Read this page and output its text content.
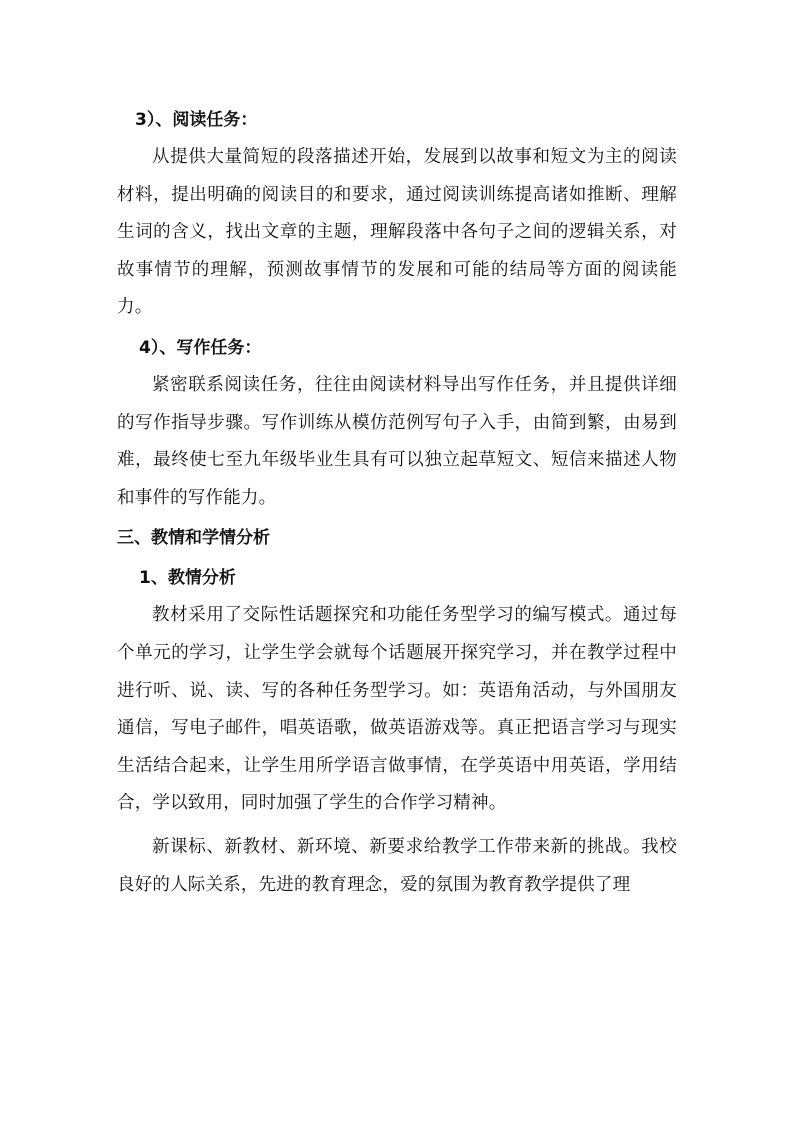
3）、阅读任务：

从提供大量简短的段落描述开始，发展到以故事和短文为主的阅读材料，提出明确的阅读目的和要求，通过阅读训练提高诸如推断、理解生词的含义，找出文章的主题，理解段落中各句子之间的逻辑关系，对故事情节的理解，预测故事情节的发展和可能的结局等方面的阅读能力。

4）、写作任务：

紧密联系阅读任务，往往由阅读材料导出写作任务，并且提供详细的写作指导步骤。写作训练从模仿范例写句子入手，由简到繁，由易到难，最终使七至九年级毕业生具有可以独立起草短文、短信来描述人物和事件的写作能力。

三、教情和学情分析
1、教情分析

教材采用了交际性话题探究和功能任务型学习的编写模式。通过每个单元的学习，让学生学会就每个话题展开探究学习，并在教学过程中进行听、说、读、写的各种任务型学习。如：英语角活动，与外国朋友通信，写电子邮件，唱英语歌，做英语游戏等。真正把语言学习与现实生活结合起来，让学生用所学语言做事情，在学英语中用英语，学用结合，学以致用，同时加强了学生的合作学习精神。

新课标、新教材、新环境、新要求给教学工作带来新的挑战。我校良好的人际关系，先进的教育理念，爱的氛围为教育教学提供了理
